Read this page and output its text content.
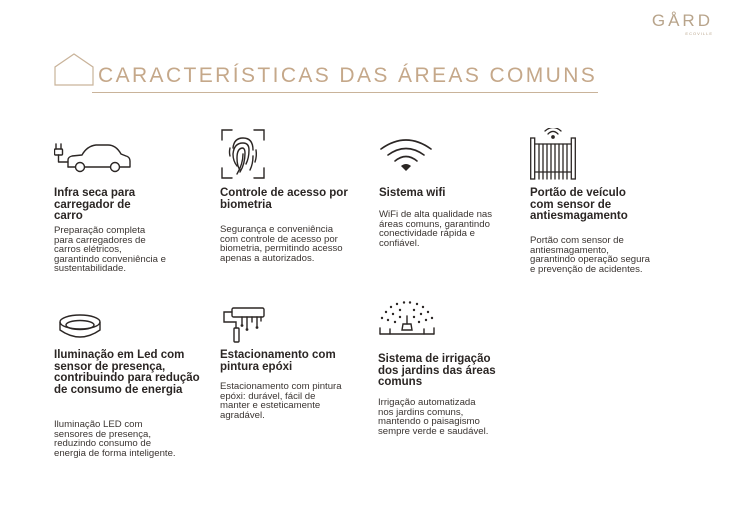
GÅRD
ECOVILLE
CARACTERÍSTICAS DAS ÁREAS COMUNS
Infra seca para carregador de carro

Preparação completa para carregadores de carros elétricos, garantindo conveniência e sustentabilidade.

Controle de acesso por biometria

Segurança e conveniência com controle de acesso por biometria, permitindo acesso apenas a autorizados.

Sistema wifi

WiFi de alta qualidade nas áreas comuns, garantindo conectividade rápida e confiável.

Portão de veículo com sensor de antiesmagamento

Portão com sensor de antiesmagamento, garantindo operação segura e prevenção de acidentes.

Iluminação em Led com sensor de presença, contribuindo para redução de consumo de energia

Iluminação LED com sensores de presença, reduzindo consumo de energia de forma inteligente.

Estacionamento com pintura epóxi

Estacionamento com pintura epóxi: durável, fácil de manter e esteticamente agradável.

Sistema de irrigação dos jardins das áreas comuns

Irrigação automatizada nos jardins comuns, mantendo o paisagismo sempre verde e saudável.
